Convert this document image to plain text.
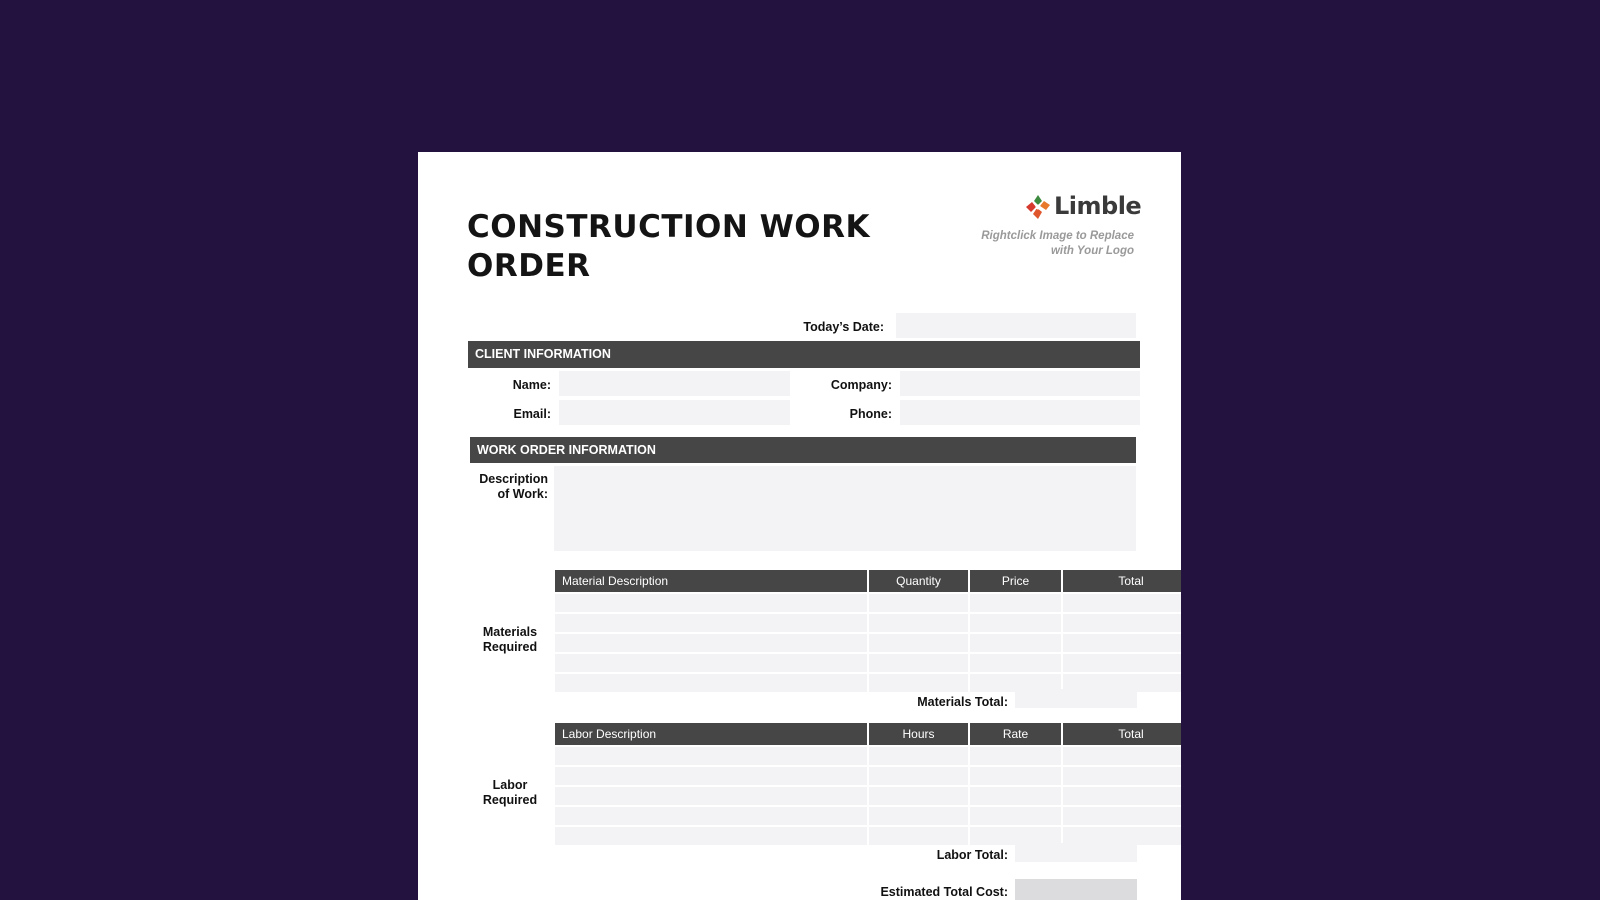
CONSTRUCTION WORK ORDER
Limble
Rightclick Image to Replace with Your Logo
Today’s Date:
CLIENT INFORMATION
Name:	Company:
Email:	Phone:
WORK ORDER INFORMATION
Description of Work:
Materials Required
Material Description	Quantity	Price	Total

Materials Total:
Labor Required
Labor Description	Hours	Rate	Total

Labor Total:
Estimated Total Cost:
